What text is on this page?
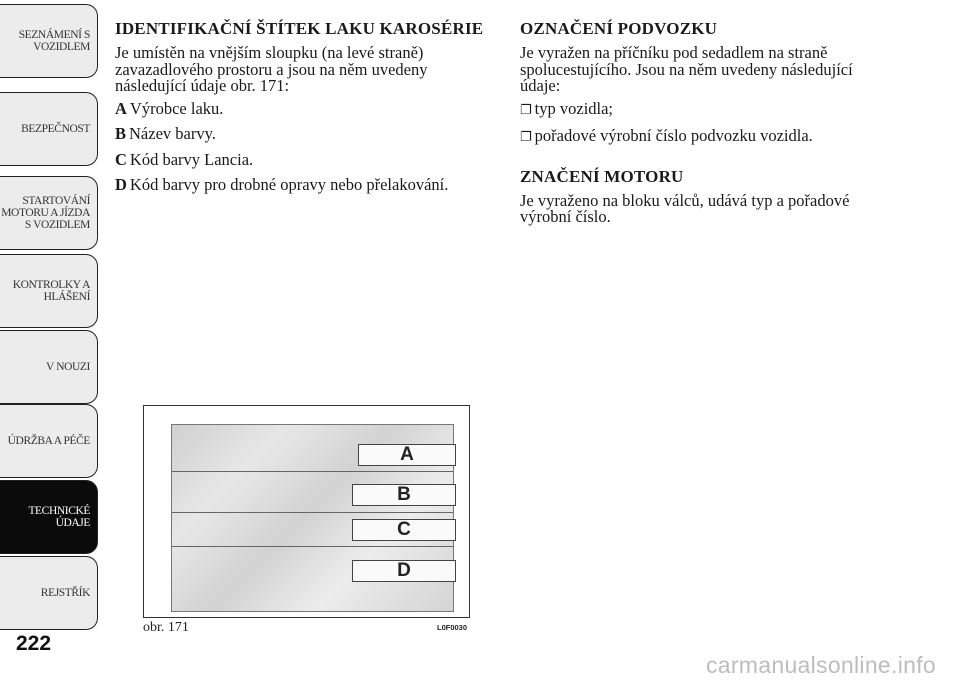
SEZNÁMENÍ S VOZIDLEM
BEZPEČNOST
STARTOVÁNÍ MOTORU A JÍZDA S VOZIDLEM
KONTROLKY A HLÁŠENÍ
V NOUZI
ÚDRŽBA A PÉČE
TECHNICKÉ ÚDAJE
REJSTŘÍK
222
IDENTIFIKAČNÍ ŠTÍTEK LAKU KAROSÉRIE

Je umístěn na vnějším sloupku (na levé straně) zavazadlového prostoru a jsou na něm uvedeny následující údaje obr. 171:

A Výrobce laku.
B Název barvy.
C Kód barvy Lancia.
D Kód barvy pro drobné opravy nebo přelakování.
OZNAČENÍ PODVOZKU

Je vyražen na příčníku pod sedadlem na straně spolucestujícího. Jsou na něm uvedeny následující údaje:

❐ typ vozidla;
❐ pořadové výrobní číslo podvozku vozidla.
ZNAČENÍ MOTORU

Je vyraženo na bloku válců, udává typ a pořadové výrobní číslo.

A
B
C
D
obr. 171	L0F0030
carmanualsonline.info
